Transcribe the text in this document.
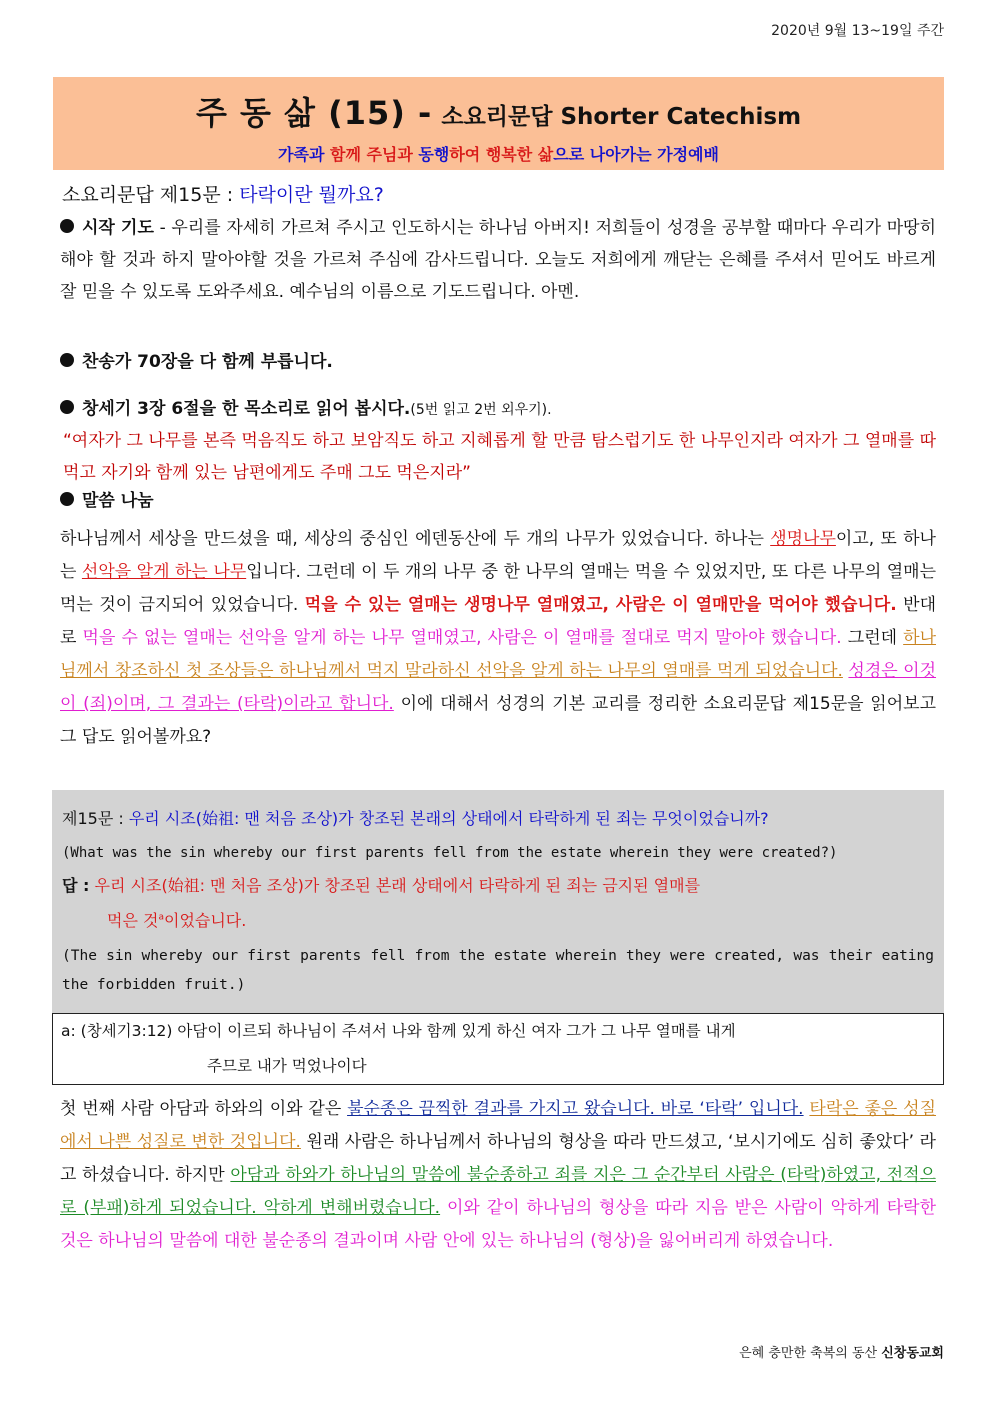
2020년 9월 13~19일 주간
주 동 삶 (15) - 소요리문답 Shorter Catechism
가족과 함께 주님과 동행하여 행복한 삶으로 나아가는 가정예배
소요리문답 제15문 : 타락이란 뭘까요?
시작 기도 - 우리를 자세히 가르쳐 주시고 인도하시는 하나님 아버지! 저희들이 성경을 공부할 때마다 우리가 마땅히 해야 할 것과 하지 말아야할 것을 가르쳐 주심에 감사드립니다. 오늘도 저희에게 깨닫는 은혜를 주셔서 믿어도 바르게 잘 믿을 수 있도록 도와주세요. 예수님의 이름으로 기도드립니다. 아멘.
찬송가 70장을 다 함께 부릅니다.
창세기 3장 6절을 한 목소리로 읽어 봅시다.(5번 읽고 2번 외우기).
“여자가 그 나무를 본즉 먹음직도 하고 보암직도 하고 지혜롭게 할 만큼 탐스럽기도 한 나무인지라 여자가 그 열매를 따먹고 자기와 함께 있는 남편에게도 주매 그도 먹은지라”
말씀 나눔
하나님께서 세상을 만드셨을 때, 세상의 중심인 에덴동산에 두 개의 나무가 있었습니다. 하나는 생명나무이고, 또 하나는 선악을 알게 하는 나무입니다. 그런데 이 두 개의 나무 중 한 나무의 열매는 먹을 수 있었지만, 또 다른 나무의 열매는 먹는 것이 금지되어 있었습니다. 먹을 수 있는 열매는 생명나무 열매였고, 사람은 이 열매만을 먹어야 했습니다. 반대로 먹을 수 없는 열매는 선악을 알게 하는 나무 열매였고, 사람은 이 열매를 절대로 먹지 말아야 했습니다. 그런데 하나님께서 창조하신 첫 조상들은 하나님께서 먹지 말라하신 선악을 알게 하는 나무의 열매를 먹게 되었습니다. 성경은 이것이 (죄)이며, 그 결과는 (타락)이라고 합니다. 이에 대해서 성경의 기본 교리를 정리한 소요리문답 제15문을 읽어보고 그 답도 읽어볼까요?
제15문 : 우리 시조(始祖: 맨 처음 조상)가 창조된 본래의 상태에서 타락하게 된 죄는 무엇이었습니까?
(What was the sin whereby our first parents fell from the estate wherein they were created?)
답 : 우리 시조(始祖: 맨 처음 조상)가 창조된 본래 상태에서 타락하게 된 죄는 금지된 열매를
먹은 것$^a$이었습니다.
(The sin whereby our first parents fell from the estate wherein they were created, was their eating the forbidden fruit.)
a: (창세기3:12) 아담이 이르되 하나님이 주셔서 나와 함께 있게 하신 여자 그가 그 나무 열매를 내게
주므로 내가 먹었나이다
첫 번째 사람 아담과 하와의 이와 같은 불순종은 끔찍한 결과를 가지고 왔습니다. 바로 ‘타락’ 입니다. 타락은 좋은 성질에서 나쁜 성질로 변한 것입니다. 원래 사람은 하나님께서 하나님의 형상을 따라 만드셨고, ‘보시기에도 심히 좋았다’ 라고 하셨습니다. 하지만 아담과 하와가 하나님의 말씀에 불순종하고 죄를 지은 그 순간부터 사람은 (타락)하였고, 전적으로 (부패)하게 되었습니다. 악하게 변해버렸습니다. 이와 같이 하나님의 형상을 따라 지음 받은 사람이 악하게 타락한 것은 하나님의 말씀에 대한 불순종의 결과이며 사람 안에 있는 하나님의 (형상)을 잃어버리게 하였습니다.
은혜 충만한 축복의 동산 신창동교회
